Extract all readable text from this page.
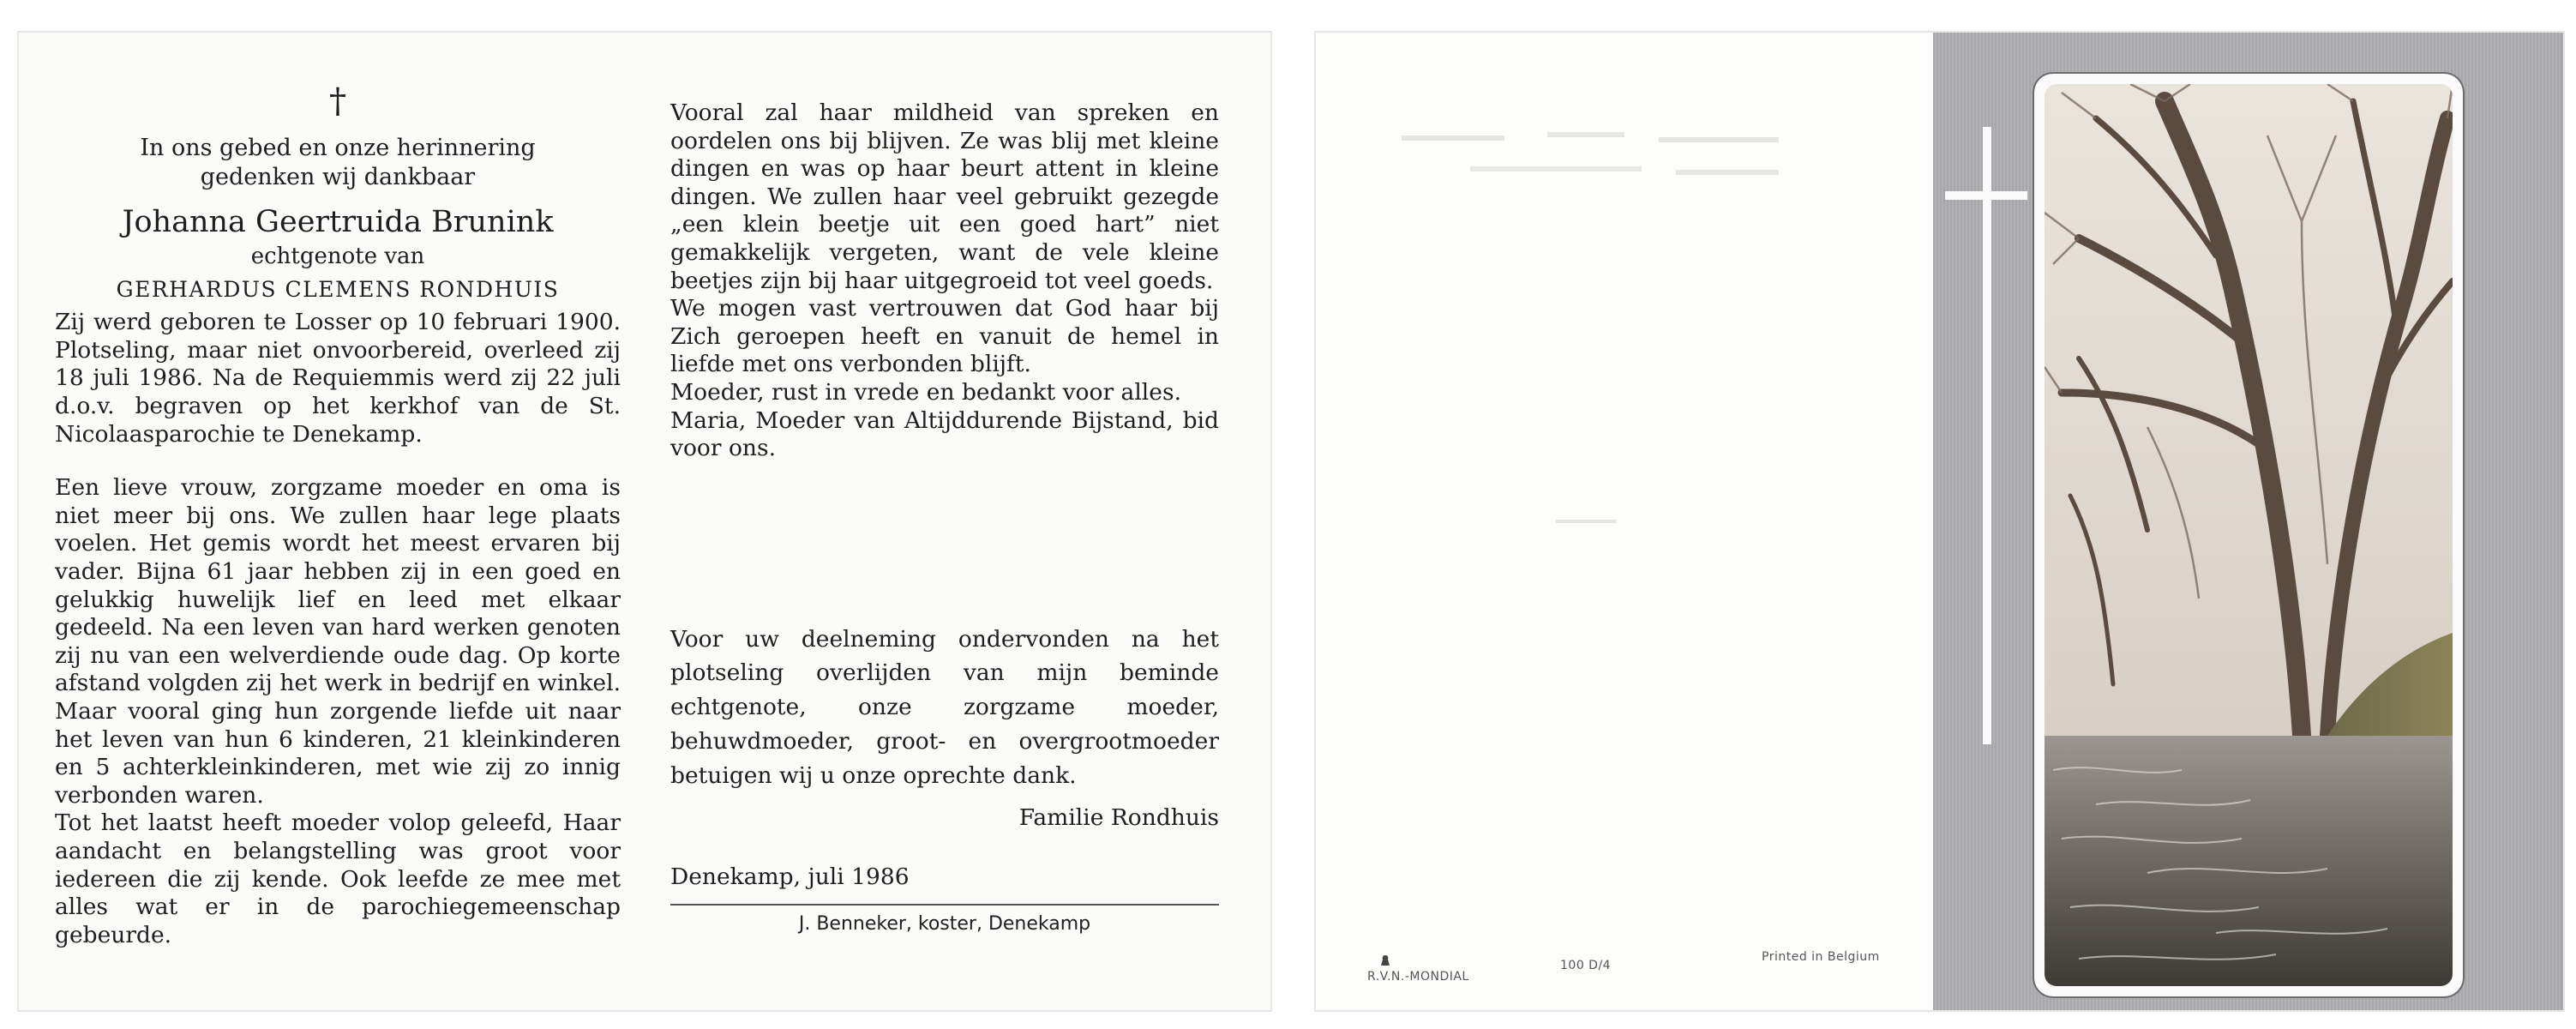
†
In ons gebed en onze herinnering
gedenken wij dankbaar
Johanna Geertruida Brunink
echtgenote van
GERHARDUS CLEMENS RONDHUIS

Zij werd geboren te Losser op 10 februari 1900. Plotseling, maar niet onvoorbereid, overleed zij 18 juli 1986. Na de Requiemmis werd zij 22 juli d.o.v. begraven op het kerkhof van de St. Nicolaasparochie te Denekamp.

Een lieve vrouw, zorgzame moeder en oma is niet meer bij ons. We zullen haar lege plaats voelen. Het gemis wordt het meest ervaren bij vader. Bijna 61 jaar hebben zij in een goed en gelukkig huwelijk lief en leed met elkaar gedeeld. Na een leven van hard werken genoten zij nu van een welverdiende oude dag. Op korte afstand volgden zij het werk in bedrijf en winkel. Maar vooral ging hun zorgende liefde uit naar het leven van hun 6 kinderen, 21 kleinkinderen en 5 achterkleinkinderen, met wie zij zo innig verbonden waren.

Tot het laatst heeft moeder volop geleefd, Haar aandacht en belangstelling was groot voor iedereen die zij kende. Ook leefde ze mee met alles wat er in de parochiegemeenschap gebeurde.

Vooral zal haar mildheid van spreken en oordelen ons bij blijven. Ze was blij met kleine dingen en was op haar beurt attent in kleine dingen. We zullen haar veel gebruikt gezegde „een klein beetje uit een goed hart” niet gemakkelijk vergeten, want de vele kleine beetjes zijn bij haar uitgegroeid tot veel goeds.

We mogen vast vertrouwen dat God haar bij Zich geroepen heeft en vanuit de hemel in liefde met ons verbonden blijft.

Moeder, rust in vrede en bedankt voor alles.

Maria, Moeder van Altijddurende Bijstand, bid voor ons.

Voor uw deelneming ondervonden na het plotseling overlijden van mijn beminde echtgenote, onze zorgzame moeder, behuwdmoeder, groot- en overgrootmoeder betuigen wij u onze oprechte dank.

Familie Rondhuis
Denekamp, juli 1986
J. Benneker, koster, Denekamp
R.V.N.-MONDIAL
100 D/4
Printed in Belgium
